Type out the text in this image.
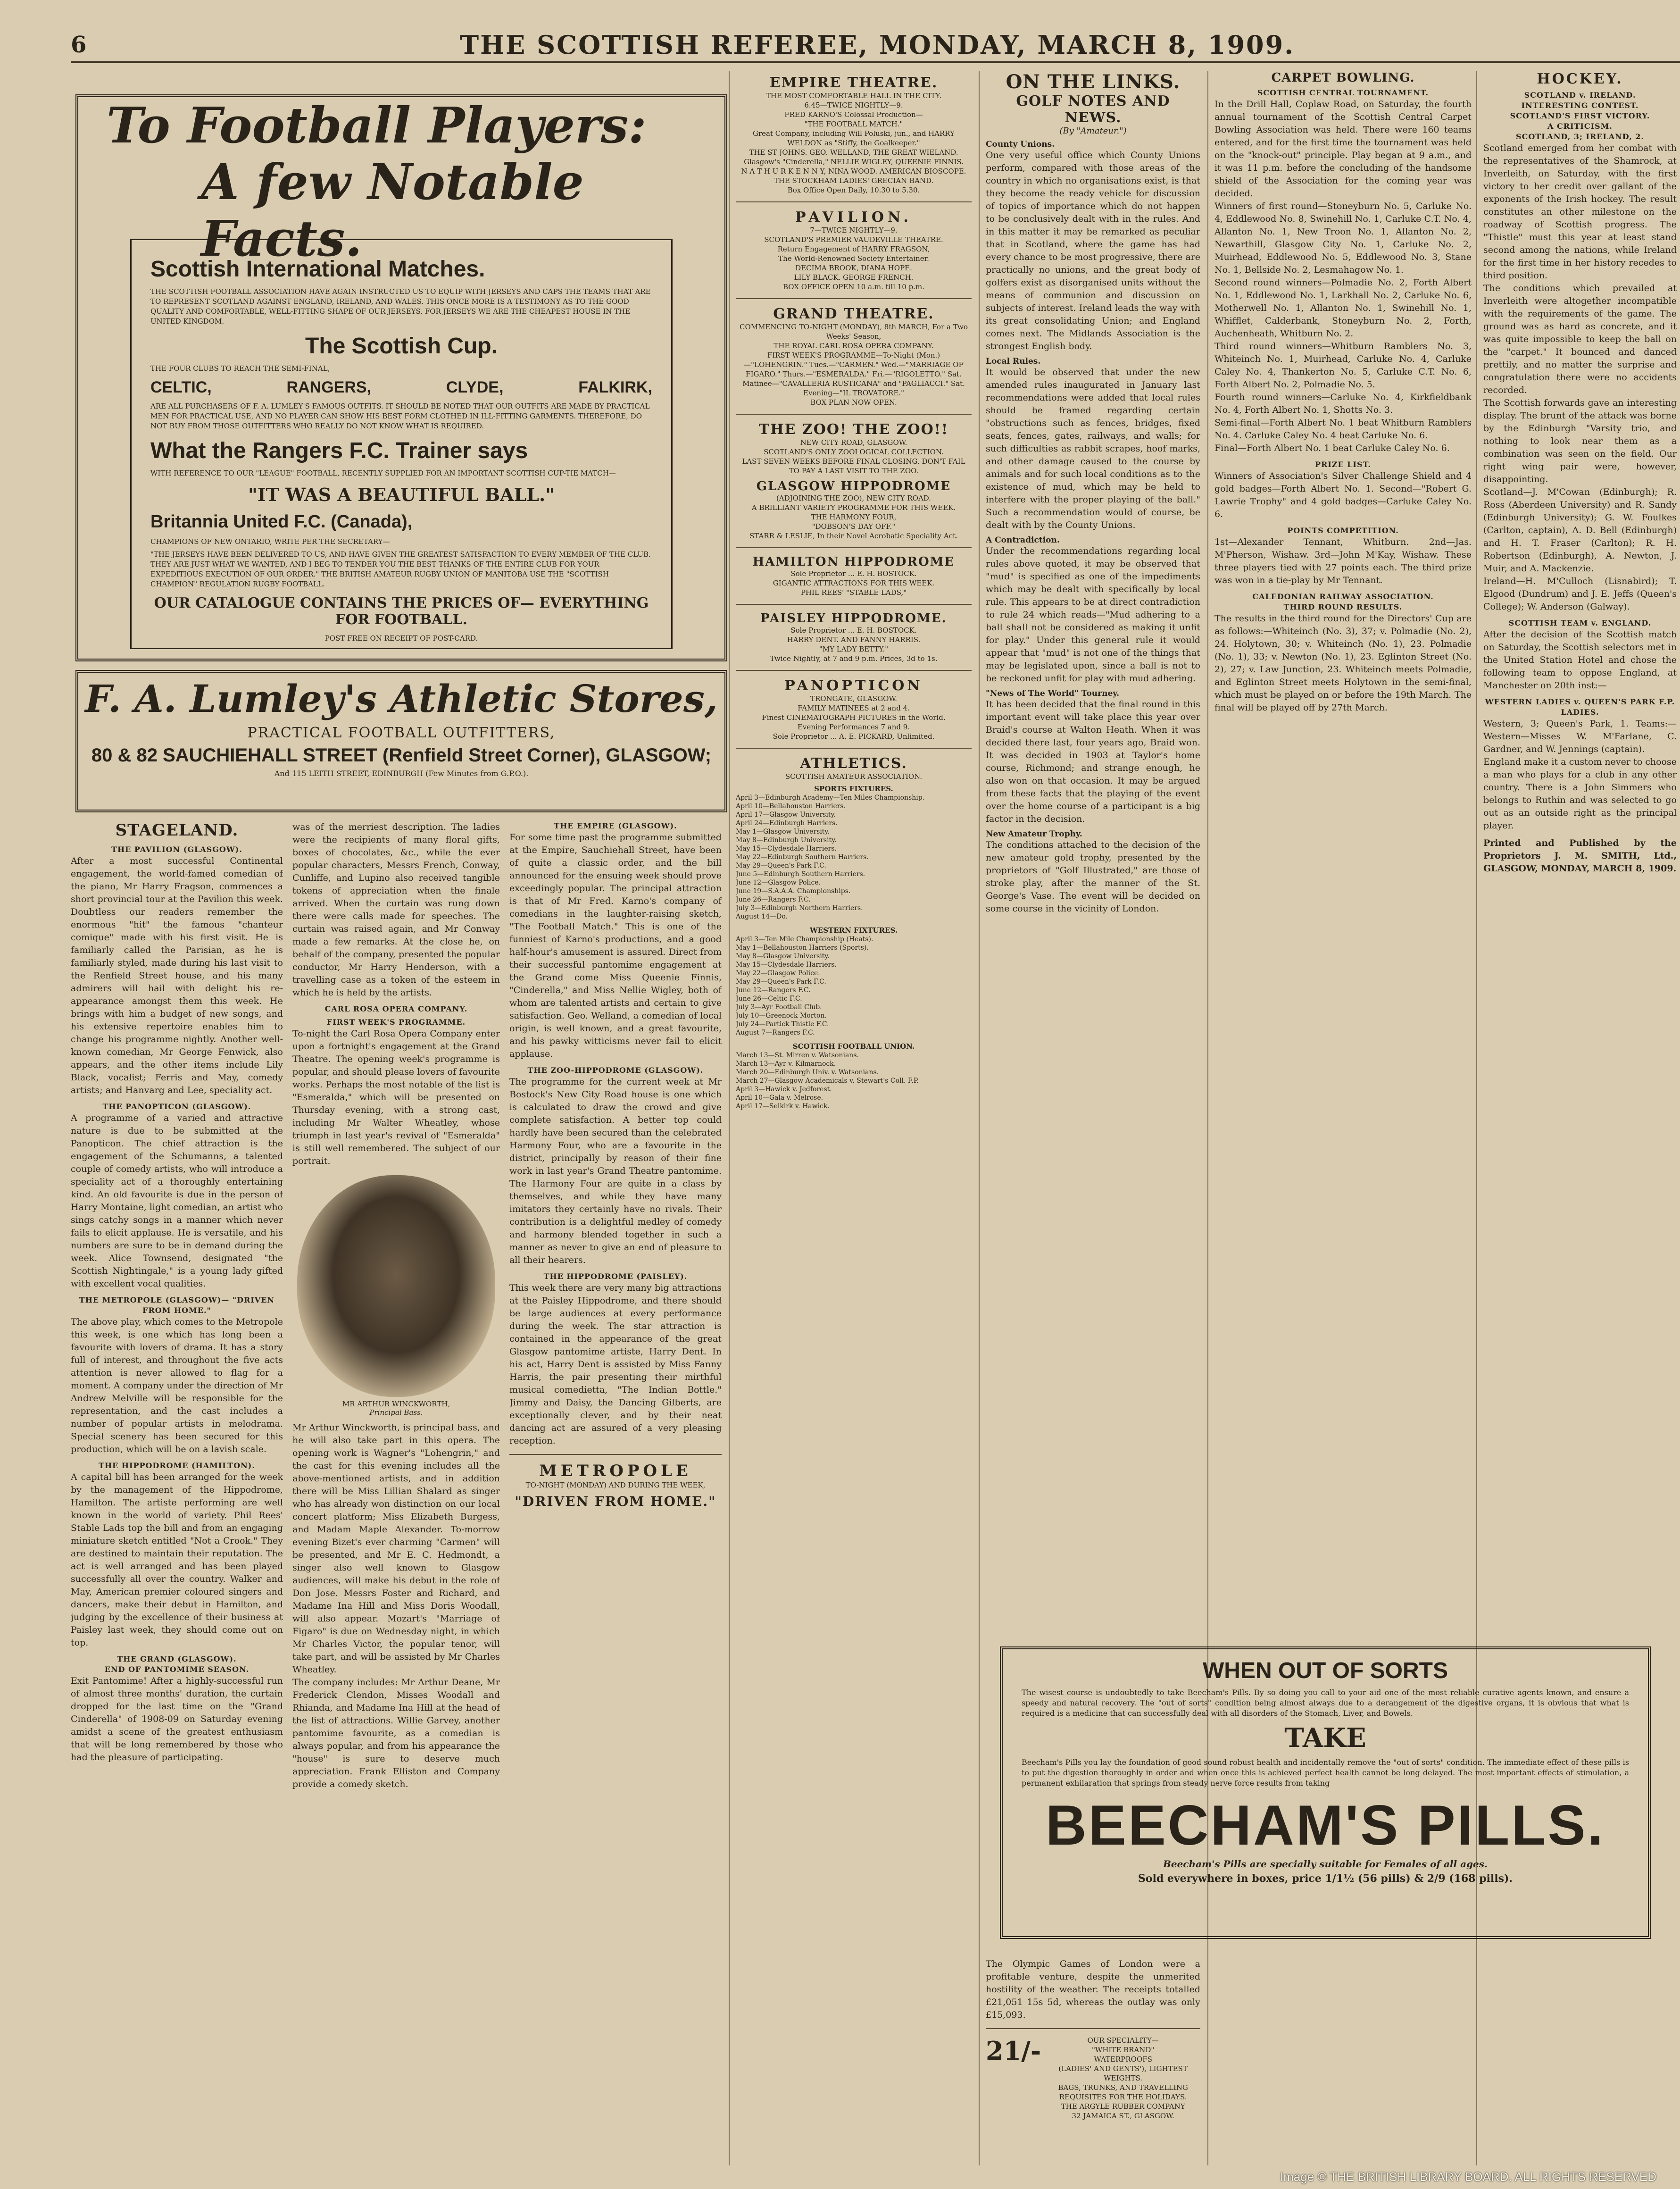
6	THE SCOTTISH REFEREE, MONDAY, MARCH 8, 1909.
To Football Players:
A few Notable Facts.
Scottish International Matches.

THE SCOTTISH FOOTBALL ASSOCIATION HAVE AGAIN INSTRUCTED US TO EQUIP WITH JERSEYS AND CAPS THE TEAMS THAT ARE TO REPRESENT SCOTLAND AGAINST ENGLAND, IRELAND, AND WALES. THIS ONCE MORE IS A TESTIMONY AS TO THE GOOD QUALITY AND COMFORTABLE, WELL-FITTING SHAPE OF OUR JERSEYS. FOR JERSEYS WE ARE THE CHEAPEST HOUSE IN THE UNITED KINGDOM.

The Scottish Cup.

THE FOUR CLUBS TO REACH THE SEMI-FINAL,

CELTIC,	RANGERS,	CLYDE,	FALKIRK,

ARE ALL PURCHASERS OF F. A. LUMLEY'S FAMOUS OUTFITS. IT SHOULD BE NOTED THAT OUR OUTFITS ARE MADE BY PRACTICAL MEN FOR PRACTICAL USE, AND NO PLAYER CAN SHOW HIS BEST FORM CLOTHED IN ILL-FITTING GARMENTS. THEREFORE, DO NOT BUY FROM THOSE OUTFITTERS WHO REALLY DO NOT KNOW WHAT IS REQUIRED.

What the Rangers F.C. Trainer says

WITH REFERENCE TO OUR "LEAGUE" FOOTBALL, RECENTLY SUPPLIED FOR AN IMPORTANT SCOTTISH CUP-TIE MATCH—

"IT WAS A BEAUTIFUL BALL."
Britannia United F.C. (Canada),

CHAMPIONS OF NEW ONTARIO, WRITE PER THE SECRETARY—

"THE JERSEYS HAVE BEEN DELIVERED TO US, AND HAVE GIVEN THE GREATEST SATISFACTION TO EVERY MEMBER OF THE CLUB. THEY ARE JUST WHAT WE WANTED, AND I BEG TO TENDER YOU THE BEST THANKS OF THE ENTIRE CLUB FOR YOUR EXPEDITIOUS EXECUTION OF OUR ORDER." THE BRITISH AMATEUR RUGBY UNION OF MANITOBA USE THE "SCOTTISH CHAMPION" REGULATION RUGBY FOOTBALL.

OUR CATALOGUE CONTAINS THE PRICES OF— EVERYTHING FOR FOOTBALL.

POST FREE ON RECEIPT OF POST-CARD.

F. A. Lumley's Athletic Stores,
PRACTICAL FOOTBALL OUTFITTERS,
80 & 82 SAUCHIEHALL STREET (Renfield Street Corner), GLASGOW;
And 115 LEITH STREET, EDINBURGH (Few Minutes from G.P.O.).
STAGELAND.
THE PAVILION (GLASGOW).
After a most successful Continental engagement, the world-famed comedian of the piano, Mr Harry Fragson, commences a short provincial tour at the Pavilion this week. Doubtless our readers remember the enormous "hit" the famous "chanteur comique" made with his first visit. He is familiarly called the Parisian, as he is familiarly styled, made during his last visit to the Renfield Street house, and his many admirers will hail with delight his re-appearance amongst them this week. He brings with him a budget of new songs, and his extensive repertoire enables him to change his programme nightly. Another well-known comedian, Mr George Fenwick, also appears, and the other items include Lily Black, vocalist; Ferris and May, comedy artists; and Hanvarg and Lee, speciality act.
THE PANOPTICON (GLASGOW).
A programme of a varied and attractive nature is due to be submitted at the Panopticon. The chief attraction is the engagement of the Schumanns, a talented couple of comedy artists, who will introduce a speciality act of a thoroughly entertaining kind. An old favourite is due in the person of Harry Montaine, light comedian, an artist who sings catchy songs in a manner which never fails to elicit applause. He is versatile, and his numbers are sure to be in demand during the week. Alice Townsend, designated "the Scottish Nightingale," is a young lady gifted with excellent vocal qualities.
THE METROPOLE (GLASGOW)— "DRIVEN FROM HOME."
The above play, which comes to the Metropole this week, is one which has long been a favourite with lovers of drama. It has a story full of interest, and throughout the five acts attention is never allowed to flag for a moment. A company under the direction of Mr Andrew Melville will be responsible for the representation, and the cast includes a number of popular artists in melodrama. Special scenery has been secured for this production, which will be on a lavish scale.
THE HIPPODROME (HAMILTON).
A capital bill has been arranged for the week by the management of the Hippodrome, Hamilton. The artiste performing are well known in the world of variety. Phil Rees' Stable Lads top the bill and from an engaging miniature sketch entitled "Not a Crook." They are destined to maintain their reputation. The act is well arranged and has been played successfully all over the country. Walker and May, American premier coloured singers and dancers, make their debut in Hamilton, and judging by the excellence of their business at Paisley last week, they should come out on top.
THE GRAND (GLASGOW).
END OF PANTOMIME SEASON.
Exit Pantomime! After a highly-successful run of almost three months' duration, the curtain dropped for the last time on the "Grand Cinderella" of 1908-09 on Saturday evening amidst a scene of the greatest enthusiasm that will be long remembered by those who had the pleasure of participating.
was of the merriest description. The ladies were the recipients of many floral gifts, boxes of chocolates, &c., while the ever popular characters, Messrs French, Conway, Cunliffe, and Lupino also received tangible tokens of appreciation when the finale arrived. When the curtain was rung down there were calls made for speeches. The curtain was raised again, and Mr Conway made a few remarks. At the close he, on behalf of the company, presented the popular conductor, Mr Harry Henderson, with a travelling case as a token of the esteem in which he is held by the artists.
CARL ROSA OPERA COMPANY.
FIRST WEEK'S PROGRAMME.
To-night the Carl Rosa Opera Company enter upon a fortnight's engagement at the Grand Theatre. The opening week's programme is popular, and should please lovers of favourite works. Perhaps the most notable of the list is "Esmeralda," which will be presented on Thursday evening, with a strong cast, including Mr Walter Wheatley, whose triumph in last year's revival of "Esmeralda" is still well remembered. The subject of our portrait.
MR ARTHUR WINCKWORTH,
Principal Bass.
Mr Arthur Winckworth, is principal bass, and he will also take part in this opera. The opening work is Wagner's "Lohengrin," and the cast for this evening includes all the above-mentioned artists, and in addition there will be Miss Lillian Shalard as singer who has already won distinction on our local concert platform; Miss Elizabeth Burgess, and Madam Maple Alexander. To-morrow evening Bizet's ever charming "Carmen" will be presented, and Mr E. C. Hedmondt, a singer also well known to Glasgow audiences, will make his debut in the role of Don Jose. Messrs Foster and Richard, and Madame Ina Hill and Miss Doris Woodall, will also appear. Mozart's "Marriage of Figaro" is due on Wednesday night, in which Mr Charles Victor, the popular tenor, will take part, and will be assisted by Mr Charles Wheatley.
The company includes: Mr Arthur Deane, Mr Frederick Clendon, Misses Woodall and Rhianda, and Madame Ina Hill at the head of the list of attractions. Willie Garvey, another pantomime favourite, as a comedian is always popular, and from his appearance the "house" is sure to deserve much appreciation. Frank Elliston and Company provide a comedy sketch.
THE EMPIRE (GLASGOW).
For some time past the programme submitted at the Empire, Sauchiehall Street, have been of quite a classic order, and the bill announced for the ensuing week should prove exceedingly popular. The principal attraction is that of Mr Fred. Karno's company of comedians in the laughter-raising sketch, "The Football Match." This is one of the funniest of Karno's productions, and a good half-hour's amusement is assured. Direct from their successful pantomime engagement at the Grand come Miss Queenie Finnis, "Cinderella," and Miss Nellie Wigley, both of whom are talented artists and certain to give satisfaction. Geo. Welland, a comedian of local origin, is well known, and a great favourite, and his pawky witticisms never fail to elicit applause.
THE ZOO-HIPPODROME (GLASGOW).
The programme for the current week at Mr Bostock's New City Road house is one which is calculated to draw the crowd and give complete satisfaction. A better top could hardly have been secured than the celebrated Harmony Four, who are a favourite in the district, principally by reason of their fine work in last year's Grand Theatre pantomime. The Harmony Four are quite in a class by themselves, and while they have many imitators they certainly have no rivals. Their contribution is a delightful medley of comedy and harmony blended together in such a manner as never to give an end of pleasure to all their hearers.
THE HIPPODROME (PAISLEY).
This week there are very many big attractions at the Paisley Hippodrome, and there should be large audiences at every performance during the week. The star attraction is contained in the appearance of the great Glasgow pantomime artiste, Harry Dent. In his act, Harry Dent is assisted by Miss Fanny Harris, the pair presenting their mirthful musical comedietta, "The Indian Bottle." Jimmy and Daisy, the Dancing Gilberts, are exceptionally clever, and by their neat dancing act are assured of a very pleasing reception.
METROPOLE
TO-NIGHT (MONDAY) AND DURING THE WEEK,
"DRIVEN FROM HOME."
EMPIRE THEATRE.
THE MOST COMFORTABLE HALL IN THE CITY.
6.45—TWICE NIGHTLY—9.
FRED KARNO'S Colossal Production—
"THE FOOTBALL MATCH."
Great Company, including Will Poluski, jun., and HARRY WELDON as "Stiffy, the Goalkeeper."
THE ST JOHNS. GEO. WELLAND, THE GREAT WIELAND.
Glasgow's "Cinderella," NELLIE WIGLEY, QUEENIE FINNIS.
N A T H U R K E N N Y, NINA WOOD. AMERICAN BIOSCOPE.
THE STOCKHAM LADIES' GRECIAN BAND.
Box Office Open Daily, 10.30 to 5.30.
PAVILION.
7—TWICE NIGHTLY—9.
SCOTLAND'S PREMIER VAUDEVILLE THEATRE.
Return Engagement of HARRY FRAGSON,
The World-Renowned Society Entertainer.
DECIMA BROOK, DIANA HOPE.
LILY BLACK. GEORGE FRENCH.
BOX OFFICE OPEN 10 a.m. till 10 p.m.
GRAND THEATRE.
COMMENCING TO-NIGHT (MONDAY), 8th MARCH, For a Two Weeks' Season,
THE ROYAL CARL ROSA OPERA COMPANY.
FIRST WEEK'S PROGRAMME—To-Night (Mon.)—"LOHENGRIN." Tues.—"CARMEN." Wed.—"MARRIAGE OF FIGARO." Thurs.—"ESMERALDA." Fri.—"RIGOLETTO." Sat. Matinee—"CAVALLERIA RUSTICANA" and "PAGLIACCI." Sat. Evening—"IL TROVATORE."
BOX PLAN NOW OPEN.
THE ZOO! THE ZOO!!
NEW CITY ROAD, GLASGOW.
SCOTLAND'S ONLY ZOOLOGICAL COLLECTION.
LAST SEVEN WEEKS BEFORE FINAL CLOSING. DON'T FAIL TO PAY A LAST VISIT TO THE ZOO.
GLASGOW HIPPODROME
(ADJOINING THE ZOO), NEW CITY ROAD.
A BRILLIANT VARIETY PROGRAMME FOR THIS WEEK.
THE HARMONY FOUR,
"DOBSON'S DAY OFF."
STARR & LESLIE, In their Novel Acrobatic Speciality Act.
HAMILTON HIPPODROME
Sole Proprietor ... E. H. BOSTOCK.
GIGANTIC ATTRACTIONS FOR THIS WEEK.
PHIL REES' "STABLE LADS,"
PAISLEY HIPPODROME.
Sole Proprietor ... E. H. BOSTOCK.
HARRY DENT. AND FANNY HARRIS.
"MY LADY BETTY."
Twice Nightly, at 7 and 9 p.m. Prices, 3d to 1s.
PANOPTICON
TRONGATE, GLASGOW.
FAMILY MATINEES at 2 and 4.
Finest CINEMATOGRAPH PICTURES in the World.
Evening Performances 7 and 9.
Sole Proprietor ... A. E. PICKARD, Unlimited.
ATHLETICS.
SCOTTISH AMATEUR ASSOCIATION.
SPORTS FIXTURES.
April 3—Edinburgh Academy—Ten Miles Championship.
April 10—Bellahouston Harriers.
April 17—Glasgow University.
April 24—Edinburgh Harriers.
May 1—Glasgow University.
May 8—Edinburgh University.
May 15—Clydesdale Harriers.
May 22—Edinburgh Southern Harriers.
May 29—Queen's Park F.C.
June 5—Edinburgh Southern Harriers.
June 12—Glasgow Police.
June 19—S.A.A.A. Championships.
June 26—Rangers F.C.
July 3—Edinburgh Northern Harriers.
August 14—Do.
WESTERN FIXTURES.
April 3—Ten Mile Championship (Heats).
May 1—Bellahouston Harriers (Sports).
May 8—Glasgow University.
May 15—Clydesdale Harriers.
May 22—Glasgow Police.
May 29—Queen's Park F.C.
June 12—Rangers F.C.
June 26—Celtic F.C.
July 3—Ayr Football Club.
July 10—Greenock Morton.
July 24—Partick Thistle F.C.
August 7—Rangers F.C.
SCOTTISH FOOTBALL UNION.
March 13—St. Mirren v. Watsonians.
March 13—Ayr v. Kilmarnock.
March 20—Edinburgh Univ. v. Watsonians.
March 27—Glasgow Academicals v. Stewart's Coll. F.P.
April 3—Hawick v. Jedforest.
April 10—Gala v. Melrose.
April 17—Selkirk v. Hawick.
ON THE LINKS.
GOLF NOTES AND NEWS.
(By "Amateur.")
County Unions.
One very useful office which County Unions perform, compared with those areas of the country in which no organisations exist, is that they become the ready vehicle for discussion of topics of importance which do not happen to be conclusively dealt with in the rules. And in this matter it may be remarked as peculiar that in Scotland, where the game has had every chance to be most progressive, there are practically no unions, and the great body of golfers exist as disorganised units without the means of communion and discussion on subjects of interest. Ireland leads the way with its great consolidating Union; and England comes next. The Midlands Association is the strongest English body.
Local Rules.
It would be observed that under the new amended rules inaugurated in January last recommendations were added that local rules should be framed regarding certain "obstructions such as fences, bridges, fixed seats, fences, gates, railways, and walls; for such difficulties as rabbit scrapes, hoof marks, and other damage caused to the course by animals and for such local conditions as to the existence of mud, which may be held to interfere with the proper playing of the ball." Such a recommendation would of course, be dealt with by the County Unions.
A Contradiction.
Under the recommendations regarding local rules above quoted, it may be observed that "mud" is specified as one of the impediments which may be dealt with specifically by local rule. This appears to be at direct contradiction to rule 24 which reads—"Mud adhering to a ball shall not be considered as making it unfit for play." Under this general rule it would appear that "mud" is not one of the things that may be legislated upon, since a ball is not to be reckoned unfit for play with mud adhering.
"News of The World" Tourney.
It has been decided that the final round in this important event will take place this year over Braid's course at Walton Heath. When it was decided there last, four years ago, Braid won. It was decided in 1903 at Taylor's home course, Richmond; and strange enough, he also won on that occasion. It may be argued from these facts that the playing of the event over the home course of a participant is a big factor in the decision.
New Amateur Trophy.
The conditions attached to the decision of the new amateur gold trophy, presented by the proprietors of "Golf Illustrated," are those of stroke play, after the manner of the St. George's Vase. The event will be decided on some course in the vicinity of London.
CARPET BOWLING.
SCOTTISH CENTRAL TOURNAMENT.
In the Drill Hall, Coplaw Road, on Saturday, the fourth annual tournament of the Scottish Central Carpet Bowling Association was held. There were 160 teams entered, and for the first time the tournament was held on the "knock-out" principle. Play began at 9 a.m., and it was 11 p.m. before the concluding of the handsome shield of the Association for the coming year was decided.
Winners of first round—Stoneyburn No. 5, Carluke No. 4, Eddlewood No. 8, Swinehill No. 1, Carluke C.T. No. 4, Allanton No. 1, New Troon No. 1, Allanton No. 2, Newarthill, Glasgow City No. 1, Carluke No. 2, Muirhead, Eddlewood No. 5, Eddlewood No. 3, Stane No. 1, Bellside No. 2, Lesmahagow No. 1.
Second round winners—Polmadie No. 2, Forth Albert No. 1, Eddlewood No. 1, Larkhall No. 2, Carluke No. 6, Motherwell No. 1, Allanton No. 1, Swinehill No. 1, Whifflet, Calderbank, Stoneyburn No. 2, Forth, Auchenheath, Whitburn No. 2.
Third round winners—Whitburn Ramblers No. 3, Whiteinch No. 1, Muirhead, Carluke No. 4, Carluke Caley No. 4, Thankerton No. 5, Carluke C.T. No. 6, Forth Albert No. 2, Polmadie No. 5.
Fourth round winners—Carluke No. 4, Kirkfieldbank No. 4, Forth Albert No. 1, Shotts No. 3.
Semi-final—Forth Albert No. 1 beat Whitburn Ramblers No. 4. Carluke Caley No. 4 beat Carluke No. 6.
Final—Forth Albert No. 1 beat Carluke Caley No. 6.
PRIZE LIST.
Winners of Association's Silver Challenge Shield and 4 gold badges—Forth Albert No. 1. Second—"Robert G. Lawrie Trophy" and 4 gold badges—Carluke Caley No. 6.
POINTS COMPETITION.
1st—Alexander Tennant, Whitburn. 2nd—Jas. M'Pherson, Wishaw. 3rd—John M'Kay, Wishaw. These three players tied with 27 points each. The third prize was won in a tie-play by Mr Tennant.
CALEDONIAN RAILWAY ASSOCIATION.
THIRD ROUND RESULTS.
The results in the third round for the Directors' Cup are as follows:—Whiteinch (No. 3), 37; v. Polmadie (No. 2), 24. Holytown, 30; v. Whiteinch (No. 1), 23. Polmadie (No. 1), 33; v. Newton (No. 1), 23. Eglinton Street (No. 2), 27; v. Law Junction, 23. Whiteinch meets Polmadie, and Eglinton Street meets Holytown in the semi-final, which must be played on or before the 19th March. The final will be played off by 27th March.
WHEN OUT OF SORTS

The wisest course is undoubtedly to take Beecham's Pills. By so doing you call to your aid one of the most reliable curative agents known, and ensure a speedy and natural recovery. The "out of sorts" condition being almost always due to a derangement of the digestive organs, it is obvious that what is required is a medicine that can successfully deal with all disorders of the Stomach, Liver, and Bowels.

TAKE

Beecham's Pills you lay the foundation of good sound robust health and incidentally remove the "out of sorts" condition. The immediate effect of these pills is to put the digestion thoroughly in order and when once this is achieved perfect health cannot be long delayed. The most important effects of stimulation, a permanent exhilaration that springs from steady nerve force results from taking

BEECHAM'S PILLS.
Beecham's Pills are specially suitable for Females of all ages.
Sold everywhere in boxes, price 1/1½ (56 pills) & 2/9 (168 pills).
The Olympic Games of London were a profitable venture, despite the unmerited hostility of the weather. The receipts totalled £21,051 15s 5d, whereas the outlay was only £15,093.
21/-	OUR SPECIALITY—
"WHITE BRAND"
WATERPROOFS
(LADIES' AND GENTS'), LIGHTEST WEIGHTS.
BAGS, TRUNKS, AND TRAVELLING REQUISITES FOR THE HOLIDAYS.
THE ARGYLE RUBBER COMPANY
32 JAMAICA ST., GLASGOW.
HOCKEY.
SCOTLAND v. IRELAND.
INTERESTING CONTEST.
SCOTLAND'S FIRST VICTORY.
A CRITICISM.
SCOTLAND, 3; IRELAND, 2.
Scotland emerged from her combat with the representatives of the Shamrock, at Inverleith, on Saturday, with the first victory to her credit over gallant of the exponents of the Irish hockey. The result constitutes an other milestone on the roadway of Scottish progress. The "Thistle" must this year at least stand second among the nations, while Ireland for the first time in her history recedes to third position.
The conditions which prevailed at Inverleith were altogether incompatible with the requirements of the game. The ground was as hard as concrete, and it was quite impossible to keep the ball on the "carpet." It bounced and danced prettily, and no matter the surprise and congratulation there were no accidents recorded.
The Scottish forwards gave an interesting display. The brunt of the attack was borne by the Edinburgh "Varsity trio, and nothing to look near them as a combination was seen on the field. Our right wing pair were, however, disappointing.
Scotland—J. M'Cowan (Edinburgh); R. Ross (Aberdeen University) and R. Sandy (Edinburgh University); G. W. Foulkes (Carlton, captain), A. D. Bell (Edinburgh) and H. T. Fraser (Carlton); R. H. Robertson (Edinburgh), A. Newton, J. Muir, and A. Mackenzie.
Ireland—H. M'Culloch (Lisnabird); T. Elgood (Dundrum) and J. E. Jeffs (Queen's College); W. Anderson (Galway).
SCOTTISH TEAM v. ENGLAND.
After the decision of the Scottish match on Saturday, the Scottish selectors met in the United Station Hotel and chose the following team to oppose England, at Manchester on 20th inst:—
WESTERN LADIES v. QUEEN'S PARK F.P. LADIES.
Western, 3; Queen's Park, 1. Teams:—Western—Misses W. M'Farlane, C. Gardner, and W. Jennings (captain).
England make it a custom never to choose a man who plays for a club in any other country. There is a John Simmers who belongs to Ruthin and was selected to go out as an outside right as the principal player.
Printed and Published by the Proprietors J. M. SMITH, Ltd., GLASGOW, MONDAY, MARCH 8, 1909.
Image © THE BRITISH LIBRARY BOARD. ALL RIGHTS RESERVED
